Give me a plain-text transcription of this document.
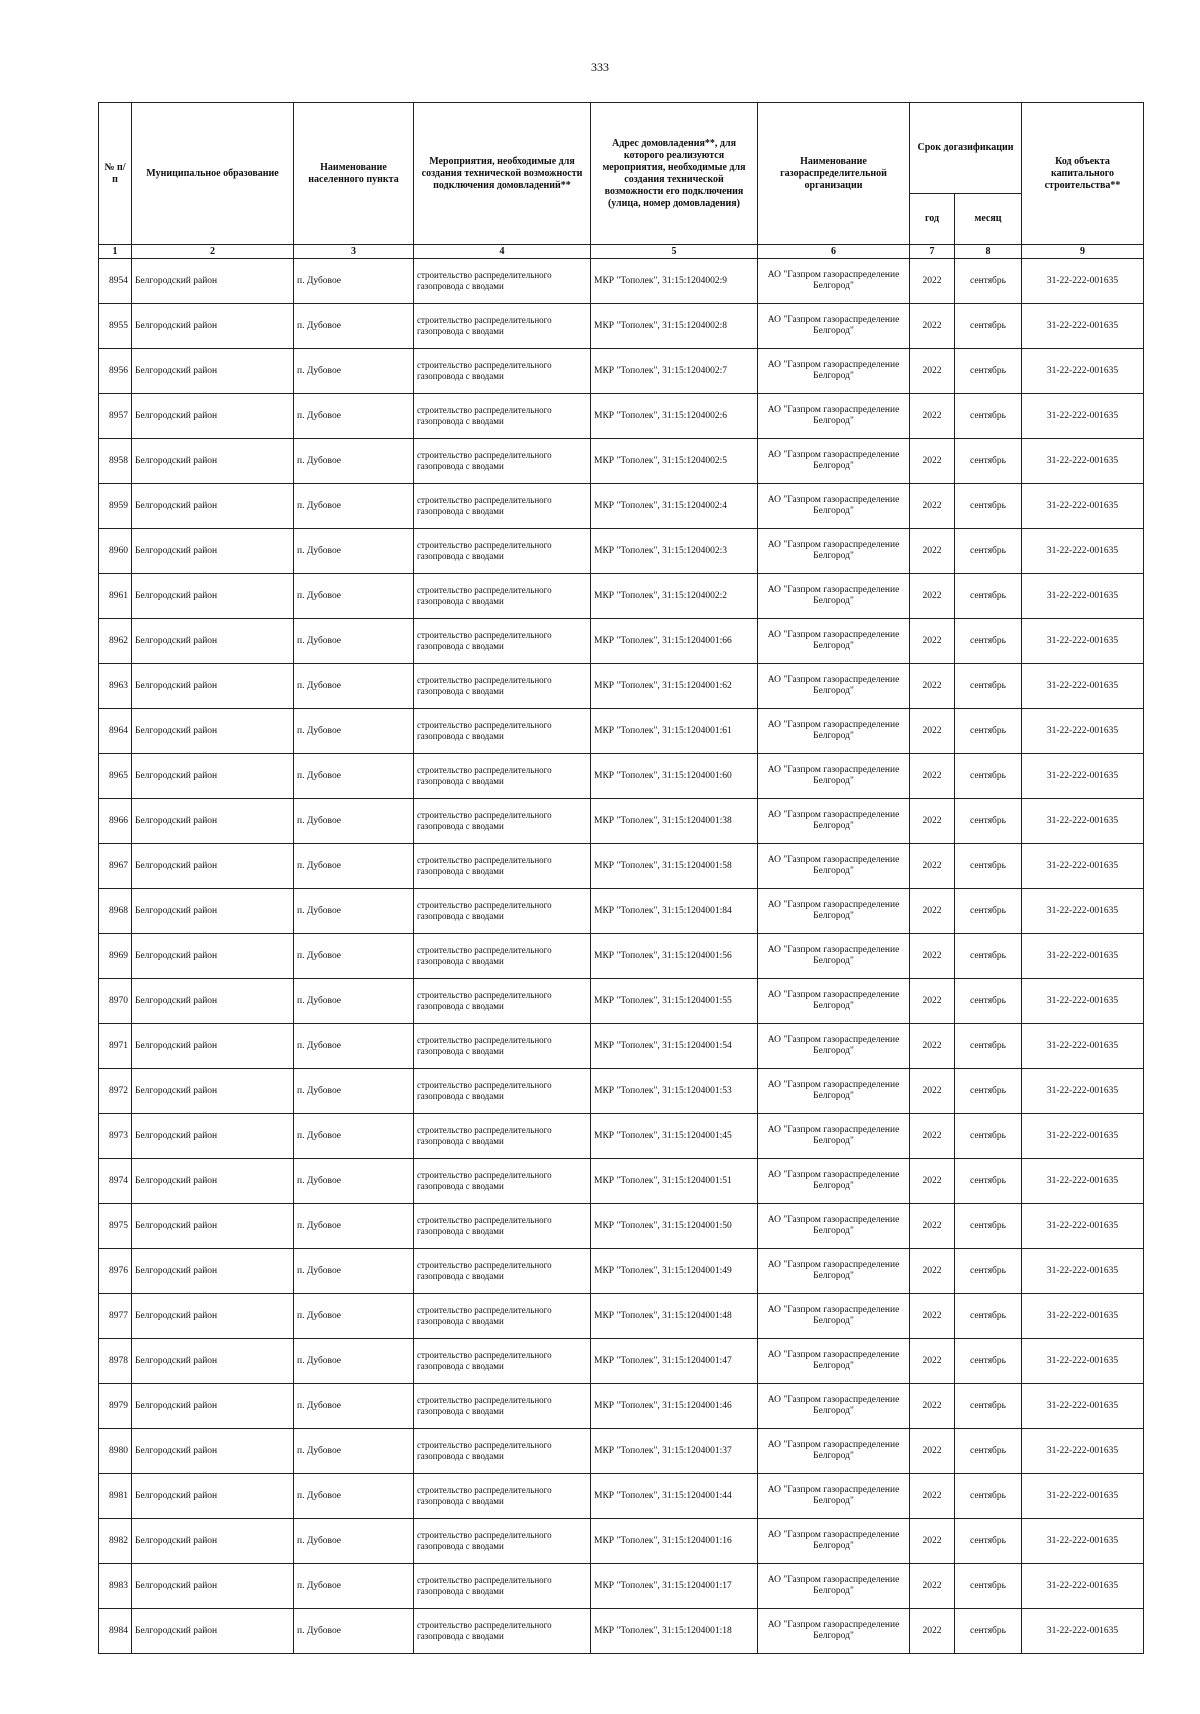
333
№ п/п	Муниципальное образование	Наименование населенного пункта	Мероприятия, необходимые для создания технической возможности подключения домовладений**	Адрес домовладения**, для которого реализуются мероприятия, необходимые для создания технической возможности его подключения (улица, номер домовладения)	Наименование газораспределительной организации	Срок догазификации		Код объекта капитального строительства**
						год	месяц	
1	2	3	4	5	6	7	8	9
8954	Белгородский район	п. Дубовое	строительство распределительного газопровода с вводами	МКР "Тополек", 31:15:1204002:9	АО "Газпром газораспределение Белгород"	2022	сентябрь	31-22-222-001635
8955	Белгородский район	п. Дубовое	строительство распределительного газопровода с вводами	МКР "Тополек", 31:15:1204002:8	АО "Газпром газораспределение Белгород"	2022	сентябрь	31-22-222-001635
8956	Белгородский район	п. Дубовое	строительство распределительного газопровода с вводами	МКР "Тополек", 31:15:1204002:7	АО "Газпром газораспределение Белгород"	2022	сентябрь	31-22-222-001635
8957	Белгородский район	п. Дубовое	строительство распределительного газопровода с вводами	МКР "Тополек", 31:15:1204002:6	АО "Газпром газораспределение Белгород"	2022	сентябрь	31-22-222-001635
8958	Белгородский район	п. Дубовое	строительство распределительного газопровода с вводами	МКР "Тополек", 31:15:1204002:5	АО "Газпром газораспределение Белгород"	2022	сентябрь	31-22-222-001635
8959	Белгородский район	п. Дубовое	строительство распределительного газопровода с вводами	МКР "Тополек", 31:15:1204002:4	АО "Газпром газораспределение Белгород"	2022	сентябрь	31-22-222-001635
8960	Белгородский район	п. Дубовое	строительство распределительного газопровода с вводами	МКР "Тополек", 31:15:1204002:3	АО "Газпром газораспределение Белгород"	2022	сентябрь	31-22-222-001635
8961	Белгородский район	п. Дубовое	строительство распределительного газопровода с вводами	МКР "Тополек", 31:15:1204002:2	АО "Газпром газораспределение Белгород"	2022	сентябрь	31-22-222-001635
8962	Белгородский район	п. Дубовое	строительство распределительного газопровода с вводами	МКР "Тополек", 31:15:1204001:66	АО "Газпром газораспределение Белгород"	2022	сентябрь	31-22-222-001635
8963	Белгородский район	п. Дубовое	строительство распределительного газопровода с вводами	МКР "Тополек", 31:15:1204001:62	АО "Газпром газораспределение Белгород"	2022	сентябрь	31-22-222-001635
8964	Белгородский район	п. Дубовое	строительство распределительного газопровода с вводами	МКР "Тополек", 31:15:1204001:61	АО "Газпром газораспределение Белгород"	2022	сентябрь	31-22-222-001635
8965	Белгородский район	п. Дубовое	строительство распределительного газопровода с вводами	МКР "Тополек", 31:15:1204001:60	АО "Газпром газораспределение Белгород"	2022	сентябрь	31-22-222-001635
8966	Белгородский район	п. Дубовое	строительство распределительного газопровода с вводами	МКР "Тополек", 31:15:1204001:38	АО "Газпром газораспределение Белгород"	2022	сентябрь	31-22-222-001635
8967	Белгородский район	п. Дубовое	строительство распределительного газопровода с вводами	МКР "Тополек", 31:15:1204001:58	АО "Газпром газораспределение Белгород"	2022	сентябрь	31-22-222-001635
8968	Белгородский район	п. Дубовое	строительство распределительного газопровода с вводами	МКР "Тополек", 31:15:1204001:84	АО "Газпром газораспределение Белгород"	2022	сентябрь	31-22-222-001635
8969	Белгородский район	п. Дубовое	строительство распределительного газопровода с вводами	МКР "Тополек", 31:15:1204001:56	АО "Газпром газораспределение Белгород"	2022	сентябрь	31-22-222-001635
8970	Белгородский район	п. Дубовое	строительство распределительного газопровода с вводами	МКР "Тополек", 31:15:1204001:55	АО "Газпром газораспределение Белгород"	2022	сентябрь	31-22-222-001635
8971	Белгородский район	п. Дубовое	строительство распределительного газопровода с вводами	МКР "Тополек", 31:15:1204001:54	АО "Газпром газораспределение Белгород"	2022	сентябрь	31-22-222-001635
8972	Белгородский район	п. Дубовое	строительство распределительного газопровода с вводами	МКР "Тополек", 31:15:1204001:53	АО "Газпром газораспределение Белгород"	2022	сентябрь	31-22-222-001635
8973	Белгородский район	п. Дубовое	строительство распределительного газопровода с вводами	МКР "Тополек", 31:15:1204001:45	АО "Газпром газораспределение Белгород"	2022	сентябрь	31-22-222-001635
8974	Белгородский район	п. Дубовое	строительство распределительного газопровода с вводами	МКР "Тополек", 31:15:1204001:51	АО "Газпром газораспределение Белгород"	2022	сентябрь	31-22-222-001635
8975	Белгородский район	п. Дубовое	строительство распределительного газопровода с вводами	МКР "Тополек", 31:15:1204001:50	АО "Газпром газораспределение Белгород"	2022	сентябрь	31-22-222-001635
8976	Белгородский район	п. Дубовое	строительство распределительного газопровода с вводами	МКР "Тополек", 31:15:1204001:49	АО "Газпром газораспределение Белгород"	2022	сентябрь	31-22-222-001635
8977	Белгородский район	п. Дубовое	строительство распределительного газопровода с вводами	МКР "Тополек", 31:15:1204001:48	АО "Газпром газораспределение Белгород"	2022	сентябрь	31-22-222-001635
8978	Белгородский район	п. Дубовое	строительство распределительного газопровода с вводами	МКР "Тополек", 31:15:1204001:47	АО "Газпром газораспределение Белгород"	2022	сентябрь	31-22-222-001635
8979	Белгородский район	п. Дубовое	строительство распределительного газопровода с вводами	МКР "Тополек", 31:15:1204001:46	АО "Газпром газораспределение Белгород"	2022	сентябрь	31-22-222-001635
8980	Белгородский район	п. Дубовое	строительство распределительного газопровода с вводами	МКР "Тополек", 31:15:1204001:37	АО "Газпром газораспределение Белгород"	2022	сентябрь	31-22-222-001635
8981	Белгородский район	п. Дубовое	строительство распределительного газопровода с вводами	МКР "Тополек", 31:15:1204001:44	АО "Газпром газораспределение Белгород"	2022	сентябрь	31-22-222-001635
8982	Белгородский район	п. Дубовое	строительство распределительного газопровода с вводами	МКР "Тополек", 31:15:1204001:16	АО "Газпром газораспределение Белгород"	2022	сентябрь	31-22-222-001635
8983	Белгородский район	п. Дубовое	строительство распределительного газопровода с вводами	МКР "Тополек", 31:15:1204001:17	АО "Газпром газораспределение Белгород"	2022	сентябрь	31-22-222-001635
8984	Белгородский район	п. Дубовое	строительство распределительного газопровода с вводами	МКР "Тополек", 31:15:1204001:18	АО "Газпром газораспределение Белгород"	2022	сентябрь	31-22-222-001635
